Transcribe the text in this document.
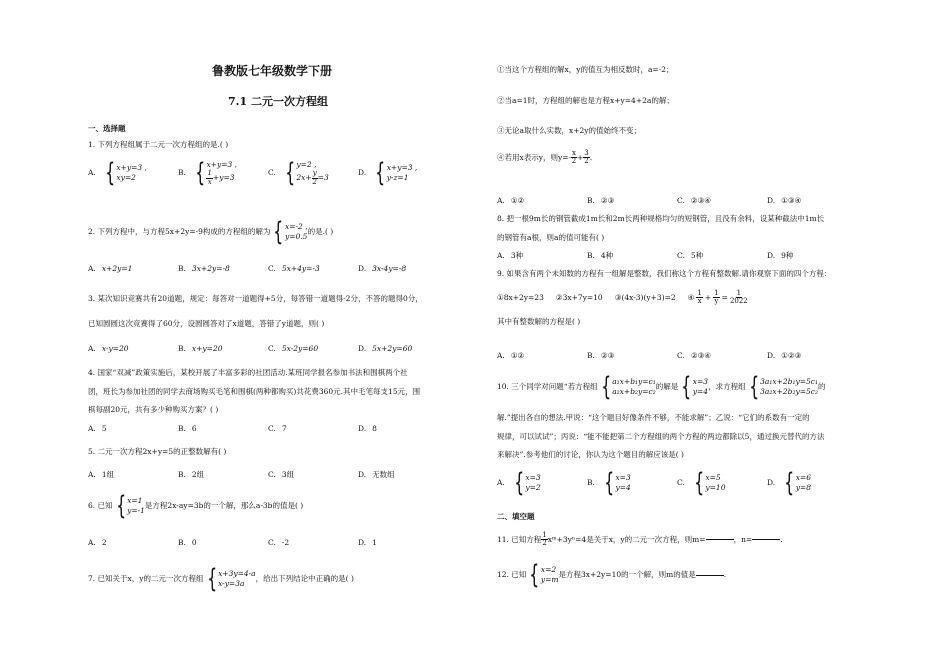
鲁教版七年级数学下册
7.1 二元一次方程组
一、选择题
1. 下列方程组属于二元一次方程组的是.( )
A. { x+y=3 ,
xy=2
B. { x+y=3 ,
$\frac{1}{x} +y=3$
C. { y=2 ,
$2x+ \frac{y}{2} =3$
D. { x+y=3 ,
y-z=1
2. 下列方程中，与方程5x+2y=-9构成的方程组的解为 { x=-2 ,
y=0.5
的是.( )
A. x+2y=1	B. 3x+2y=-8	C. 5x+4y=-3	D. 3x-4y=-8
3. 某次知识竞赛共有20道题，规定：每答对一道题得+5分，每答错一道题得-2分，不答的题得0分，
已知圆圆这次竞赛得了60分，设圆圆答对了x道题，答错了y道题，则( )
A. x-y=20	B. x+y=20	C. 5x-2y=60	D. 5x+2y=60
4. 国家“双减”政策实施后，某校开展了丰富多彩的社团活动.某班同学报名参加书法和围棋两个社
团，班长为参加社团的同学去商场购买毛笔和围棋(两种都购买)共花费360元.其中毛笔每支15元，围
棋每副20元，共有多少种购买方案？( )
A. 5	B. 6	C. 7	D. 8
5. 二元一次方程2x+y=5的正整数解有( )
A. 1组	B. 2组	C. 3组	D. 无数组
6. 已知 { x=1
y=-1
是方程2x-ay=3b的一个解，那么a-3b的值是( )
A. 2	B. 0	C. -2	D. 1
7. 已知关于x，y的二元一次方程组 { x+3y=4-a
x-y=3a
，给出下列结论中正确的是( )
①当这个方程组的解x，y的值互为相反数时，a=-2；
②当a=1时，方程组的解也是方程x+y=4+2a的解；
③无论a取什么实数，x+2y的值始终不变；
④若用x表示y，则$y=- \frac{x}{2} + \frac{3}{2}$ .
A. ①②	B. ②③	C. ②③④	D. ①③④
8. 把一根9m长的钢管截成1m长和2m长两种规格均匀的短钢管，且没有余料，设某种截法中1m长
的钢管有a根，则a的值可能有( )
A. 3种	B. 4种	C. 5种	D. 9种
9. 如果含有两个未知数的方程有一组解是整数，我们称这个方程有整数解.请你观察下面的四个方程：
①8x+2y=23 ②3x+7y=10 ③(4x-3)(y+3)=2 ④ $\frac{1}{x} + \frac{1}{y} = \frac{1}{2022}$
其中有整数解的方程是( )
A. ①②	B. ②③	C. ②③④	D. ①②③
10. 三个同学对问题“若方程组 { a₁x+b₁y=c₁
a₂x+b₂y=c₂
的解是 { x=3
y=4
，求方程组 { 3a₁x+2b₁y=5c₁
3a₂x+2b₂y=5c₂
的
解.”提出各自的想法.甲说：“这个题目好像条件不够，不能求解”；乙说：“它们的系数有一定的
规律，可以试试”；丙说：“能不能把第二个方程组的两个方程的两边都除以5，通过换元替代的方法
来解决”.参考他们的讨论，你认为这个题目的解应该是( )
A. { x=3
y=2
B. { x=3
y=4
C. { x=5
y=10
D. { x=6
y=8
二、填空题
11. 已知方程 $\frac{1}{2}$ xᵐ+3yⁿ=4是关于x，y的二元一次方程，则m=	，n=	.
12. 已知 { x=2
y=m
是方程3x+2y=10的一个解，则m的值是	.
